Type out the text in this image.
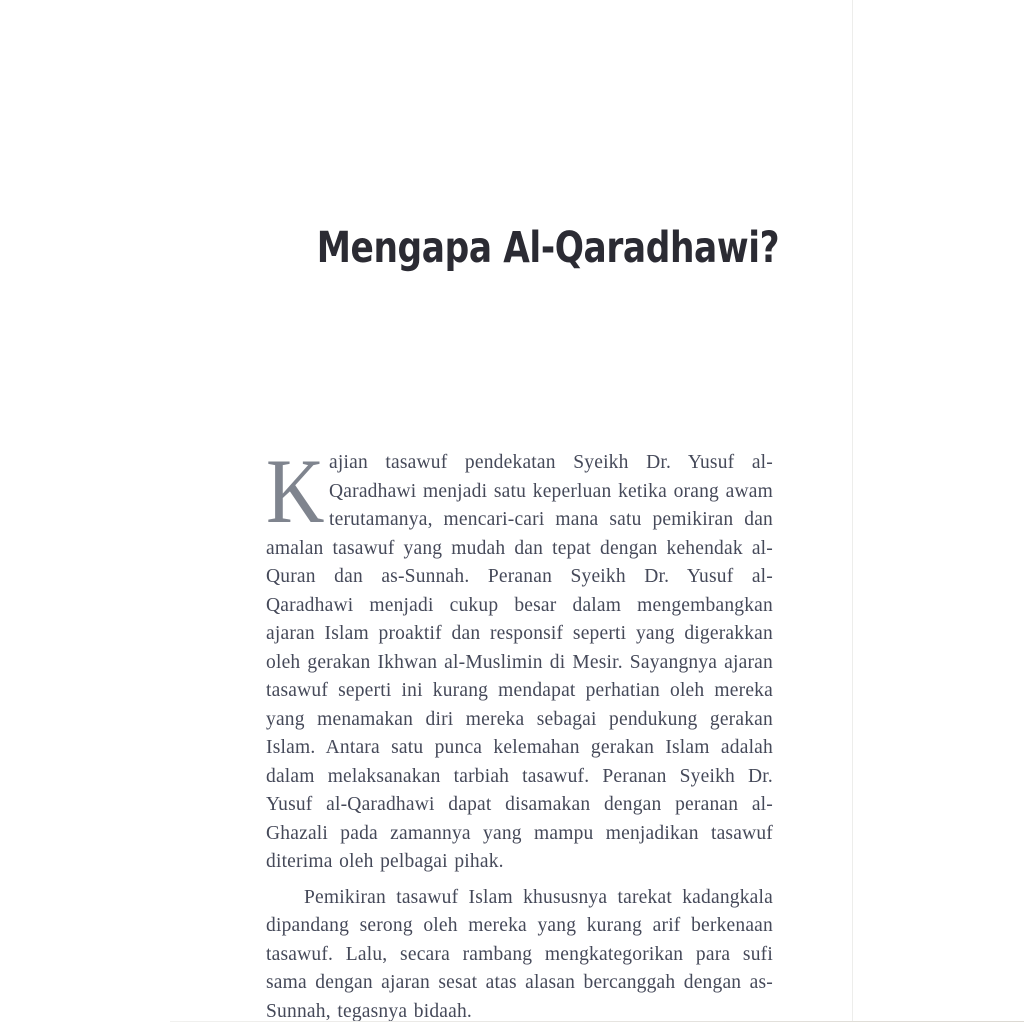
Mengapa Al-Qaradhawi?

Kajian tasawuf pendekatan Syeikh Dr. Yusuf al-Qaradhawi menjadi satu keperluan ketika orang awam terutamanya, mencari-cari mana satu pemikiran dan amalan tasawuf yang mudah dan tepat dengan kehendak al-Quran dan as-Sunnah. Peranan Syeikh Dr. Yusuf al-Qaradhawi menjadi cukup besar dalam mengembangkan ajaran Islam proaktif dan responsif seperti yang digerakkan oleh gerakan Ikhwan al-Muslimin di Mesir. Sayangnya ajaran tasawuf seperti ini kurang mendapat perhatian oleh mereka yang menamakan diri mereka sebagai pendukung gerakan Islam. Antara satu punca kelemahan gerakan Islam adalah dalam melaksanakan tarbiah tasawuf. Peranan Syeikh Dr. Yusuf al-Qaradhawi dapat disamakan dengan peranan al-Ghazali pada zamannya yang mampu menjadikan tasawuf diterima oleh pelbagai pihak.

Pemikiran tasawuf Islam khususnya tarekat kadangkala dipandang serong oleh mereka yang kurang arif berkenaan tasawuf. Lalu, secara rambang mengkategorikan para sufi sama dengan ajaran sesat atas alasan bercanggah dengan as-Sunnah, tegasnya bidaah.
